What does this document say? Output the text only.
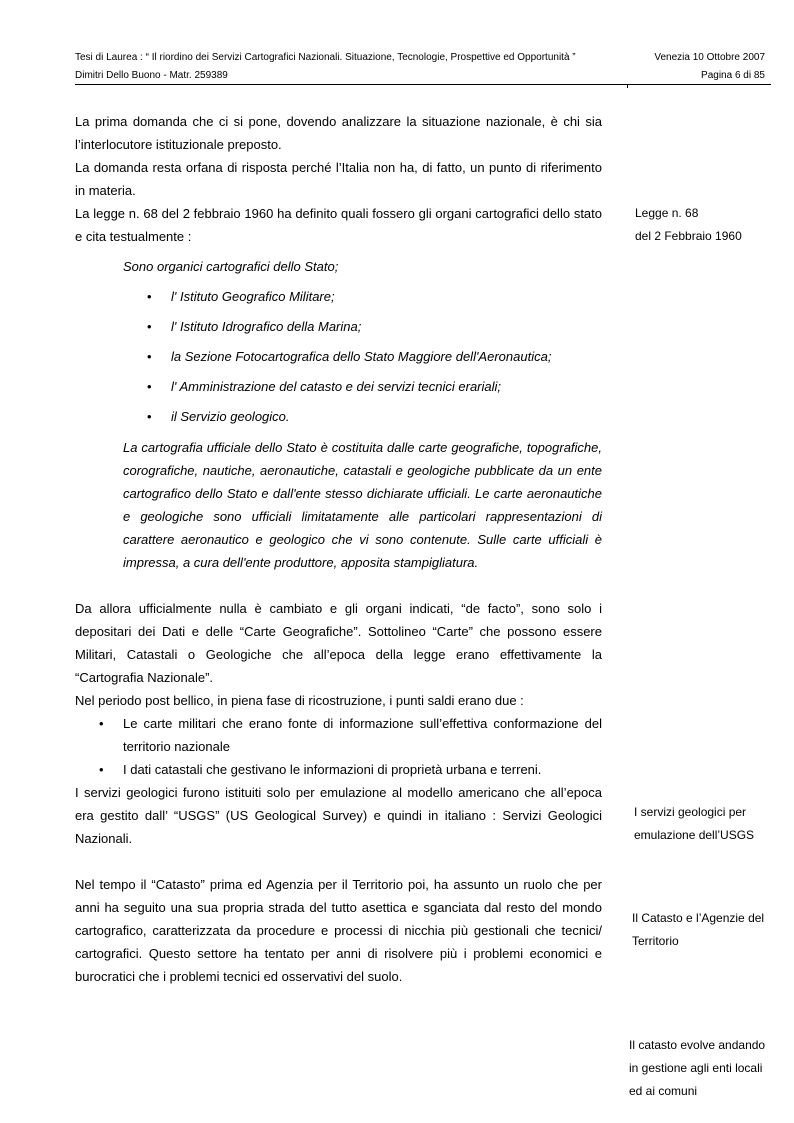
Tesi di Laurea : “ Il riordino dei Servizi Cartografici Nazionali. Situazione, Tecnologie, Prospettive ed Opportunità ”
Dimitri Dello Buono - Matr. 259389
Venezia 10 Ottobre 2007
Pagina 6 di 85

La prima domanda che ci si pone, dovendo analizzare la situazione nazionale, è chi sia l’interlocutore istituzionale preposto.

La domanda resta orfana di risposta perché l’Italia non ha, di fatto, un punto di riferimento in materia.

La legge n. 68 del 2 febbraio 1960 ha definito quali fossero gli organi cartografici dello stato e cita testualmente :

Sono organici cartografici dello Stato;

• l' Istituto Geografico Militare;
• l' Istituto Idrografico della Marina;
• la Sezione Fotocartografica dello Stato Maggiore dell'Aeronautica;
• l' Amministrazione del catasto e dei servizi tecnici erariali;
• il Servizio geologico.

La cartografia ufficiale dello Stato è costituita dalle carte geografiche, topografiche, corografiche, nautiche, aeronautiche, catastali e geologiche pubblicate da un ente cartografico dello Stato e dall'ente stesso dichiarate ufficiali. Le carte aeronautiche e geologiche sono ufficiali limitatamente alle particolari rappresentazioni di carattere aeronautico e geologico che vi sono contenute. Sulle carte ufficiali è impressa, a cura dell'ente produttore, apposita stampigliatura.

Da allora ufficialmente nulla è cambiato e gli organi indicati, “de facto”, sono solo i depositari dei Dati e delle “Carte Geografiche”. Sottolineo “Carte” che possono essere Militari, Catastali o Geologiche che all’epoca della legge erano effettivamente la “Cartografia Nazionale”.

Nel periodo post bellico, in piena fase di ricostruzione, i punti saldi erano due :

• Le carte militari che erano fonte di informazione sull’effettiva conformazione del territorio nazionale
• I dati catastali che gestivano le informazioni di proprietà urbana e terreni.

I servizi geologici furono istituiti solo per emulazione al modello americano che all’epoca era gestito dall’ “USGS” (US Geological Survey) e quindi in italiano : Servizi Geologici Nazionali.

Nel tempo il “Catasto” prima ed Agenzia per il Territorio poi, ha assunto un ruolo che per anni ha seguito una sua propria strada del tutto asettica e sganciata dal resto del mondo cartografico, caratterizzata da procedure e processi di nicchia più gestionali che tecnici/ cartografici. Questo settore ha tentato per anni di risolvere più i problemi economici e burocratici che i problemi tecnici ed osservativi del suolo.

Legge n. 68
del 2 Febbraio 1960
I servizi geologici per
emulazione dell’USGS
Il Catasto e l’Agenzie del
Territorio
Il catasto evolve andando
in gestione agli enti locali
ed ai comuni
